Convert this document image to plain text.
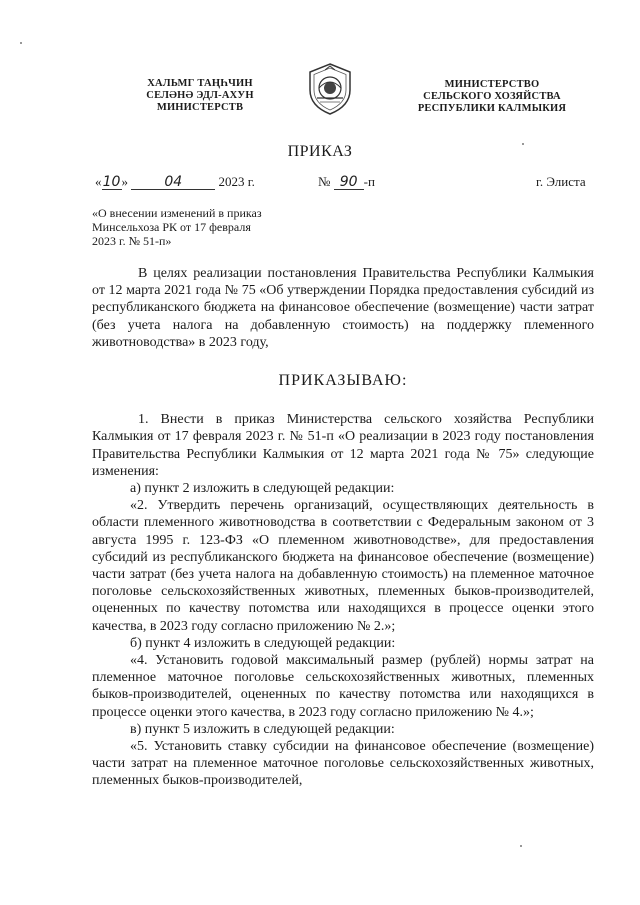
ХАЛЬМГ ТАҢҺЧИН
СЕЛӘНӘ ЭДЛ-АХУН
МИНИСТЕРСТВ
МИНИСТЕРСТВО
СЕЛЬСКОГО ХОЗЯЙСТВА
РЕСПУБЛИКИ КАЛМЫКИЯ
ПРИКАЗ
«10»	04	2023 г.	№ 90 -п	г. Элиста
«О внесении изменений в приказ
Минсельхоза РК от 17 февраля
2023 г. № 51-п»

В целях реализации постановления Правительства Республики Калмыкия от 12 марта 2021 года № 75 «Об утверждении Порядка предоставления субсидий из республиканского бюджета на финансовое обеспечение (возмещение) части затрат (без учета налога на добавленную стоимость) на поддержку племенного животноводства» в 2023 году,

ПРИКАЗЫВАЮ:

1. Внести в приказ Министерства сельского хозяйства Республики Калмыкия от 17 февраля 2023 г. № 51-п «О реализации в 2023 году постановления Правительства Республики Калмыкия от 12 марта 2021 года № 75» следующие изменения:

а) пункт 2 изложить в следующей редакции:

«2. Утвердить перечень организаций, осуществляющих деятельность в области племенного животноводства в соответствии с Федеральным законом от 3 августа 1995 г. 123-ФЗ «О племенном животноводстве», для предоставления субсидий из республиканского бюджета на финансовое обеспечение (возмещение) части затрат (без учета налога на добавленную стоимость) на племенное маточное поголовье сельскохозяйственных животных, племенных быков-производителей, оцененных по качеству потомства или находящихся в процессе оценки этого качества, в 2023 году согласно приложению № 2.»;

б) пункт 4 изложить в следующей редакции:

«4. Установить годовой максимальный размер (рублей) нормы затрат на племенное маточное поголовье сельскохозяйственных животных, племенных быков-производителей, оцененных по качеству потомства или находящихся в процессе оценки этого качества, в 2023 году согласно приложению № 4.»;

в) пункт 5 изложить в следующей редакции:

«5. Установить ставку субсидии на финансовое обеспечение (возмещение) части затрат на племенное маточное поголовье сельскохозяйственных животных, племенных быков-производителей,
